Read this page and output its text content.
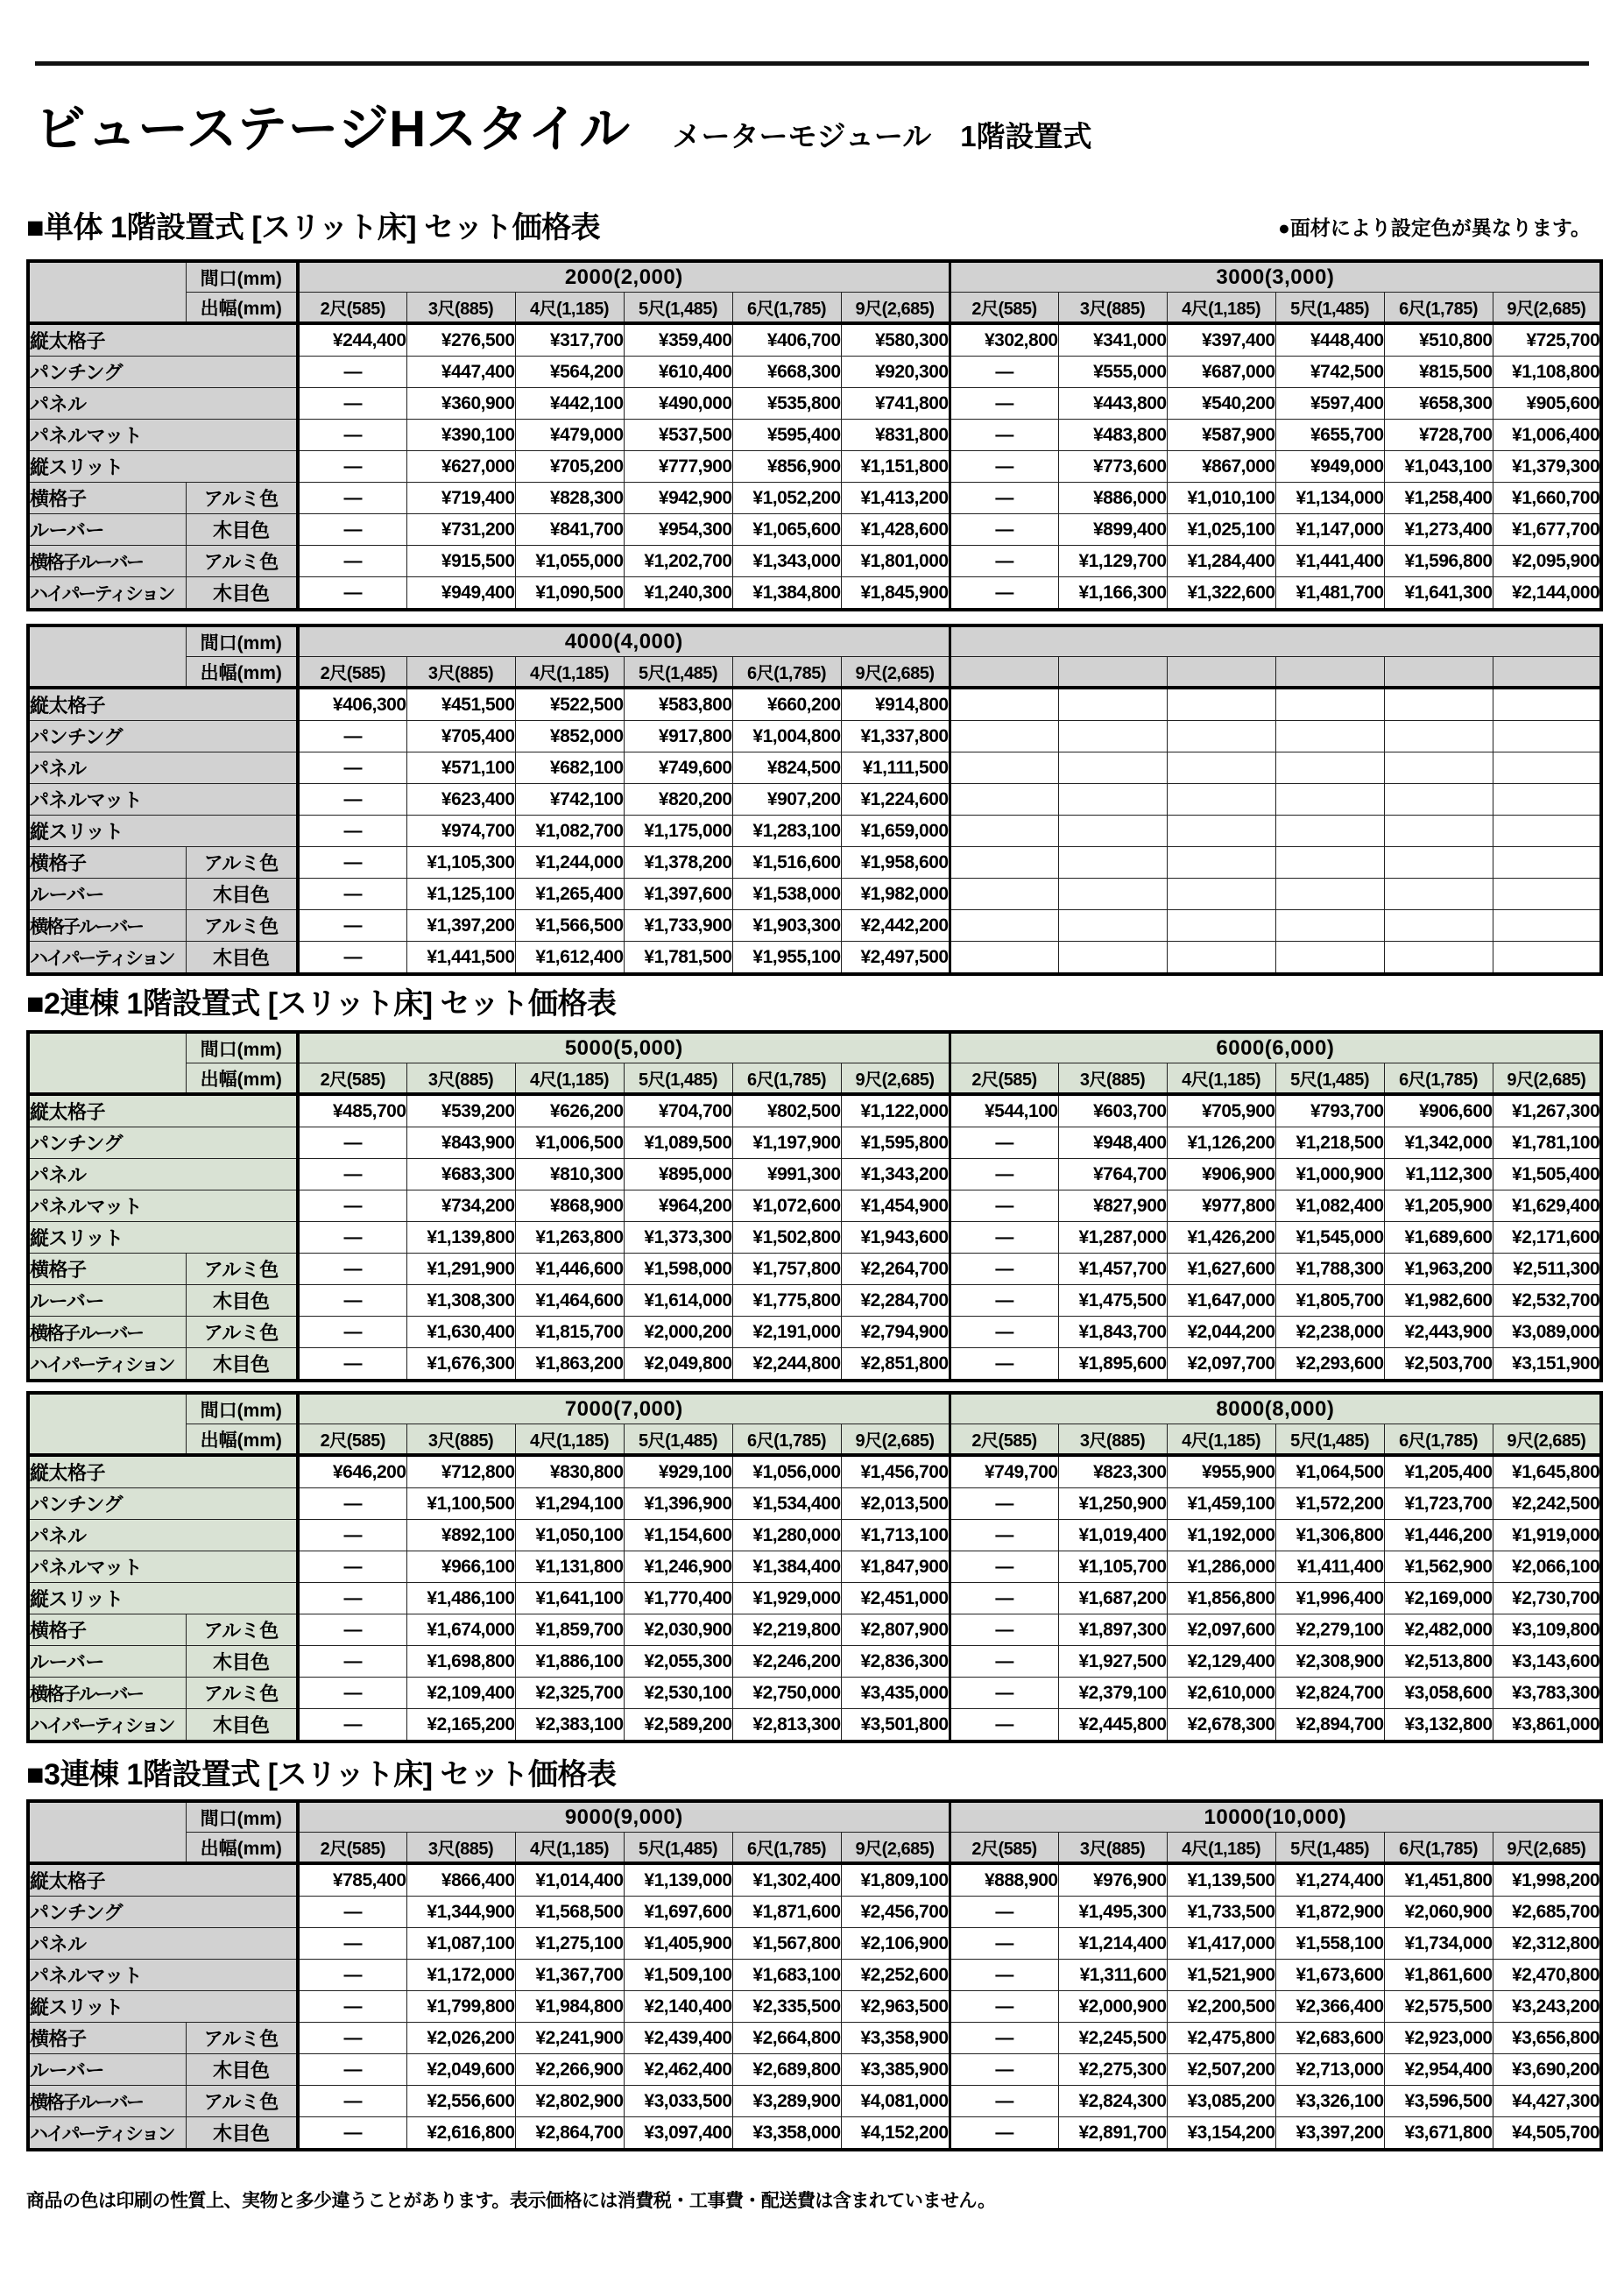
ビューステージHスタイル メーターモジュール　1階設置式
■単体 1階設置式 [スリット床] セット価格表	●面材により設定色が異なります。
	間口(mm)	2000(2,000)						3000(3,000)					
	出幅(mm)	2尺(585)	3尺(885)	4尺(1,185)	5尺(1,485)	6尺(1,785)	9尺(2,685)	2尺(585)	3尺(885)	4尺(1,185)	5尺(1,485)	6尺(1,785)	9尺(2,685)
縦太格子		¥244,400	¥276,500	¥317,700	¥359,400	¥406,700	¥580,300	¥302,800	¥341,000	¥397,400	¥448,400	¥510,800	¥725,700
パンチング		—	¥447,400	¥564,200	¥610,400	¥668,300	¥920,300	—	¥555,000	¥687,000	¥742,500	¥815,500	¥1,108,800
パネル		—	¥360,900	¥442,100	¥490,000	¥535,800	¥741,800	—	¥443,800	¥540,200	¥597,400	¥658,300	¥905,600
パネルマット		—	¥390,100	¥479,000	¥537,500	¥595,400	¥831,800	—	¥483,800	¥587,900	¥655,700	¥728,700	¥1,006,400
縦スリット		—	¥627,000	¥705,200	¥777,900	¥856,900	¥1,151,800	—	¥773,600	¥867,000	¥949,000	¥1,043,100	¥1,379,300
横格子	アルミ色	—	¥719,400	¥828,300	¥942,900	¥1,052,200	¥1,413,200	—	¥886,000	¥1,010,100	¥1,134,000	¥1,258,400	¥1,660,700
ルーバー	木目色	—	¥731,200	¥841,700	¥954,300	¥1,065,600	¥1,428,600	—	¥899,400	¥1,025,100	¥1,147,000	¥1,273,400	¥1,677,700
横格子ルーバー	アルミ色	—	¥915,500	¥1,055,000	¥1,202,700	¥1,343,000	¥1,801,000	—	¥1,129,700	¥1,284,400	¥1,441,400	¥1,596,800	¥2,095,900
ハイパーティション	木目色	—	¥949,400	¥1,090,500	¥1,240,300	¥1,384,800	¥1,845,900	—	¥1,166,300	¥1,322,600	¥1,481,700	¥1,641,300	¥2,144,000
	間口(mm)	4000(4,000)											
	出幅(mm)	2尺(585)	3尺(885)	4尺(1,185)	5尺(1,485)	6尺(1,785)	9尺(2,685)						
縦太格子		¥406,300	¥451,500	¥522,500	¥583,800	¥660,200	¥914,800						
パンチング		—	¥705,400	¥852,000	¥917,800	¥1,004,800	¥1,337,800						
パネル		—	¥571,100	¥682,100	¥749,600	¥824,500	¥1,111,500						
パネルマット		—	¥623,400	¥742,100	¥820,200	¥907,200	¥1,224,600						
縦スリット		—	¥974,700	¥1,082,700	¥1,175,000	¥1,283,100	¥1,659,000						
横格子	アルミ色	—	¥1,105,300	¥1,244,000	¥1,378,200	¥1,516,600	¥1,958,600						
ルーバー	木目色	—	¥1,125,100	¥1,265,400	¥1,397,600	¥1,538,000	¥1,982,000						
横格子ルーバー	アルミ色	—	¥1,397,200	¥1,566,500	¥1,733,900	¥1,903,300	¥2,442,200						
ハイパーティション	木目色	—	¥1,441,500	¥1,612,400	¥1,781,500	¥1,955,100	¥2,497,500						
■2連棟 1階設置式 [スリット床] セット価格表
	間口(mm)	5000(5,000)						6000(6,000)					
	出幅(mm)	2尺(585)	3尺(885)	4尺(1,185)	5尺(1,485)	6尺(1,785)	9尺(2,685)	2尺(585)	3尺(885)	4尺(1,185)	5尺(1,485)	6尺(1,785)	9尺(2,685)
縦太格子		¥485,700	¥539,200	¥626,200	¥704,700	¥802,500	¥1,122,000	¥544,100	¥603,700	¥705,900	¥793,700	¥906,600	¥1,267,300
パンチング		—	¥843,900	¥1,006,500	¥1,089,500	¥1,197,900	¥1,595,800	—	¥948,400	¥1,126,200	¥1,218,500	¥1,342,000	¥1,781,100
パネル		—	¥683,300	¥810,300	¥895,000	¥991,300	¥1,343,200	—	¥764,700	¥906,900	¥1,000,900	¥1,112,300	¥1,505,400
パネルマット		—	¥734,200	¥868,900	¥964,200	¥1,072,600	¥1,454,900	—	¥827,900	¥977,800	¥1,082,400	¥1,205,900	¥1,629,400
縦スリット		—	¥1,139,800	¥1,263,800	¥1,373,300	¥1,502,800	¥1,943,600	—	¥1,287,000	¥1,426,200	¥1,545,000	¥1,689,600	¥2,171,600
横格子	アルミ色	—	¥1,291,900	¥1,446,600	¥1,598,000	¥1,757,800	¥2,264,700	—	¥1,457,700	¥1,627,600	¥1,788,300	¥1,963,200	¥2,511,300
ルーバー	木目色	—	¥1,308,300	¥1,464,600	¥1,614,000	¥1,775,800	¥2,284,700	—	¥1,475,500	¥1,647,000	¥1,805,700	¥1,982,600	¥2,532,700
横格子ルーバー	アルミ色	—	¥1,630,400	¥1,815,700	¥2,000,200	¥2,191,000	¥2,794,900	—	¥1,843,700	¥2,044,200	¥2,238,000	¥2,443,900	¥3,089,000
ハイパーティション	木目色	—	¥1,676,300	¥1,863,200	¥2,049,800	¥2,244,800	¥2,851,800	—	¥1,895,600	¥2,097,700	¥2,293,600	¥2,503,700	¥3,151,900
	間口(mm)	7000(7,000)						8000(8,000)					
	出幅(mm)	2尺(585)	3尺(885)	4尺(1,185)	5尺(1,485)	6尺(1,785)	9尺(2,685)	2尺(585)	3尺(885)	4尺(1,185)	5尺(1,485)	6尺(1,785)	9尺(2,685)
縦太格子		¥646,200	¥712,800	¥830,800	¥929,100	¥1,056,000	¥1,456,700	¥749,700	¥823,300	¥955,900	¥1,064,500	¥1,205,400	¥1,645,800
パンチング		—	¥1,100,500	¥1,294,100	¥1,396,900	¥1,534,400	¥2,013,500	—	¥1,250,900	¥1,459,100	¥1,572,200	¥1,723,700	¥2,242,500
パネル		—	¥892,100	¥1,050,100	¥1,154,600	¥1,280,000	¥1,713,100	—	¥1,019,400	¥1,192,000	¥1,306,800	¥1,446,200	¥1,919,000
パネルマット		—	¥966,100	¥1,131,800	¥1,246,900	¥1,384,400	¥1,847,900	—	¥1,105,700	¥1,286,000	¥1,411,400	¥1,562,900	¥2,066,100
縦スリット		—	¥1,486,100	¥1,641,100	¥1,770,400	¥1,929,000	¥2,451,000	—	¥1,687,200	¥1,856,800	¥1,996,400	¥2,169,000	¥2,730,700
横格子	アルミ色	—	¥1,674,000	¥1,859,700	¥2,030,900	¥2,219,800	¥2,807,900	—	¥1,897,300	¥2,097,600	¥2,279,100	¥2,482,000	¥3,109,800
ルーバー	木目色	—	¥1,698,800	¥1,886,100	¥2,055,300	¥2,246,200	¥2,836,300	—	¥1,927,500	¥2,129,400	¥2,308,900	¥2,513,800	¥3,143,600
横格子ルーバー	アルミ色	—	¥2,109,400	¥2,325,700	¥2,530,100	¥2,750,000	¥3,435,000	—	¥2,379,100	¥2,610,000	¥2,824,700	¥3,058,600	¥3,783,300
ハイパーティション	木目色	—	¥2,165,200	¥2,383,100	¥2,589,200	¥2,813,300	¥3,501,800	—	¥2,445,800	¥2,678,300	¥2,894,700	¥3,132,800	¥3,861,000
■3連棟 1階設置式 [スリット床] セット価格表
	間口(mm)	9000(9,000)						10000(10,000)					
	出幅(mm)	2尺(585)	3尺(885)	4尺(1,185)	5尺(1,485)	6尺(1,785)	9尺(2,685)	2尺(585)	3尺(885)	4尺(1,185)	5尺(1,485)	6尺(1,785)	9尺(2,685)
縦太格子		¥785,400	¥866,400	¥1,014,400	¥1,139,000	¥1,302,400	¥1,809,100	¥888,900	¥976,900	¥1,139,500	¥1,274,400	¥1,451,800	¥1,998,200
パンチング		—	¥1,344,900	¥1,568,500	¥1,697,600	¥1,871,600	¥2,456,700	—	¥1,495,300	¥1,733,500	¥1,872,900	¥2,060,900	¥2,685,700
パネル		—	¥1,087,100	¥1,275,100	¥1,405,900	¥1,567,800	¥2,106,900	—	¥1,214,400	¥1,417,000	¥1,558,100	¥1,734,000	¥2,312,800
パネルマット		—	¥1,172,000	¥1,367,700	¥1,509,100	¥1,683,100	¥2,252,600	—	¥1,311,600	¥1,521,900	¥1,673,600	¥1,861,600	¥2,470,800
縦スリット		—	¥1,799,800	¥1,984,800	¥2,140,400	¥2,335,500	¥2,963,500	—	¥2,000,900	¥2,200,500	¥2,366,400	¥2,575,500	¥3,243,200
横格子	アルミ色	—	¥2,026,200	¥2,241,900	¥2,439,400	¥2,664,800	¥3,358,900	—	¥2,245,500	¥2,475,800	¥2,683,600	¥2,923,000	¥3,656,800
ルーバー	木目色	—	¥2,049,600	¥2,266,900	¥2,462,400	¥2,689,800	¥3,385,900	—	¥2,275,300	¥2,507,200	¥2,713,000	¥2,954,400	¥3,690,200
横格子ルーバー	アルミ色	—	¥2,556,600	¥2,802,900	¥3,033,500	¥3,289,900	¥4,081,000	—	¥2,824,300	¥3,085,200	¥3,326,100	¥3,596,500	¥4,427,300
ハイパーティション	木目色	—	¥2,616,800	¥2,864,700	¥3,097,400	¥3,358,000	¥4,152,200	—	¥2,891,700	¥3,154,200	¥3,397,200	¥3,671,800	¥4,505,700
商品の色は印刷の性質上、実物と多少違うことがあります。表示価格には消費税・工事費・配送費は含まれていません。
